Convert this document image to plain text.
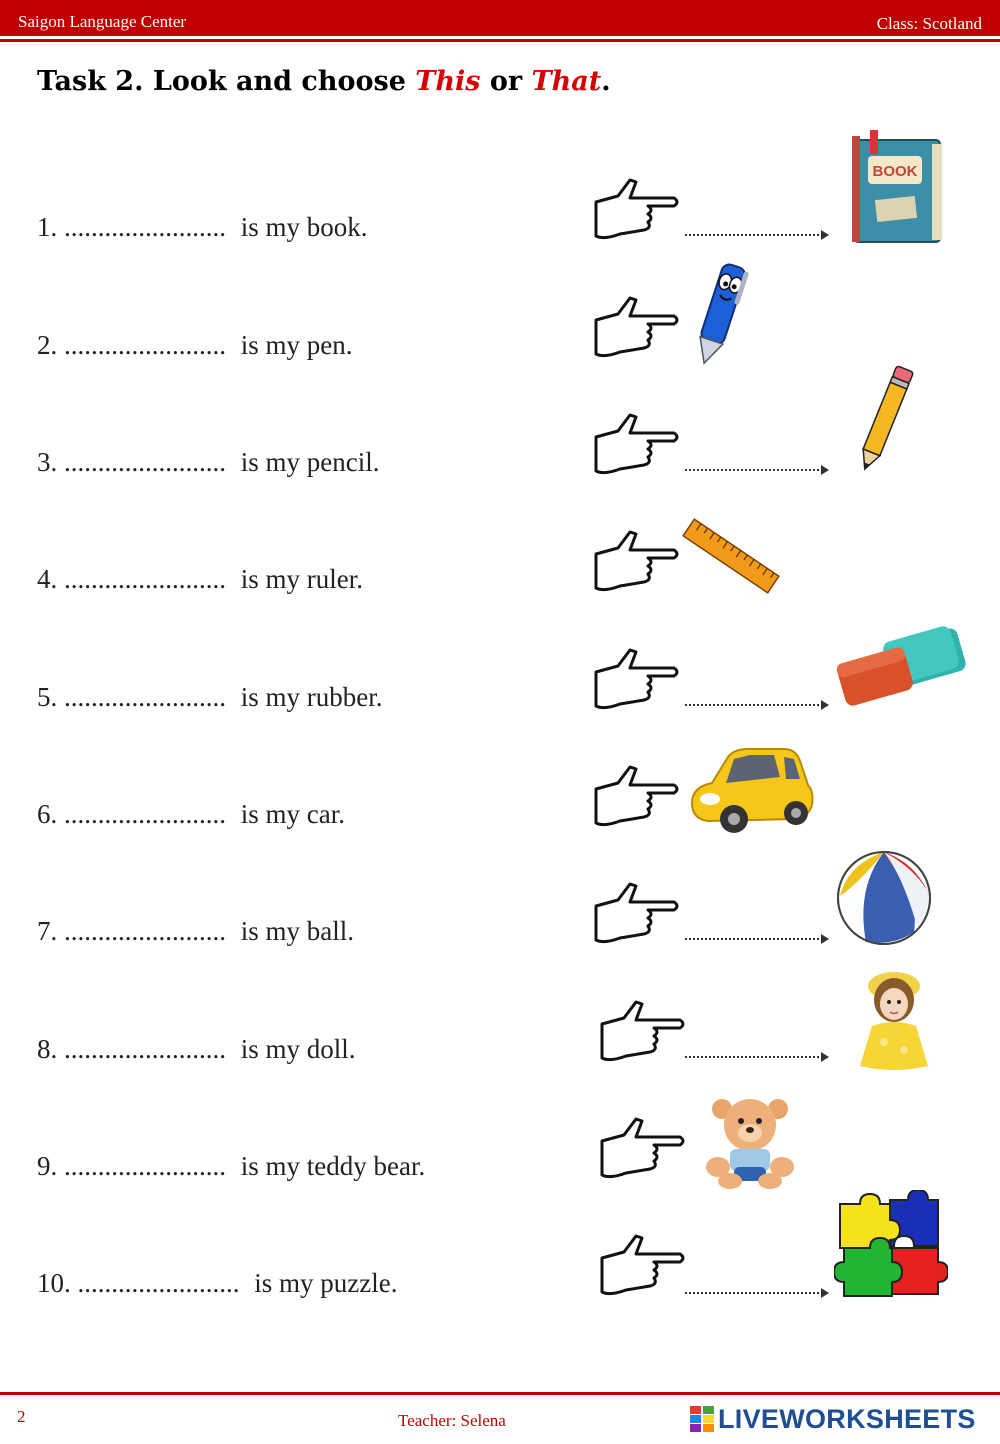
Saigon Language Center	Class: Scotland
Task 2. Look and choose This or That.
1. ........................ is my book.
BOOK
2. ........................ is my pen.
3. ........................ is my pencil.
4. ........................ is my ruler.
5. ........................ is my rubber.
6. ........................ is my car.
7. ........................ is my ball.
8. ........................ is my doll.
9. ........................ is my teddy bear.
10. ........................ is my puzzle.
2	Teacher: Selena	LIVEWORKSHEETS
